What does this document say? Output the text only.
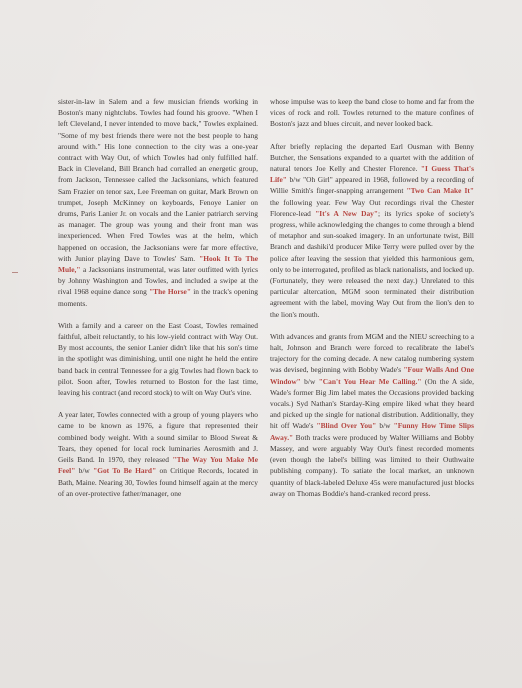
sister-in-law in Salem and a few musician friends working in Boston's many nightclubs. Towles had found his groove. "When I left Cleveland, I never intended to move back," Towles explained. "Some of my best friends there were not the best people to hang around with." His lone connection to the city was a one-year contract with Way Out, of which Towles had only fulfilled half. Back in Cleveland, Bill Branch had corralled an energetic group, from Jackson, Tennessee called the Jacksonians, which featured Sam Frazier on tenor sax, Lee Freeman on guitar, Mark Brown on trumpet, Joseph McKinney on keyboards, Fenoye Lanier on drums, Paris Lanier Jr. on vocals and the Lanier patriarch serving as manager. The group was young and their front man was inexperienced. When Fred Towles was at the helm, which happened on occasion, the Jacksonians were far more effective, with Junior playing Dave to Towles' Sam. "Hook It To The Mule," a Jacksonians instrumental, was later outfitted with lyrics by Johnny Washington and Towles, and included a swipe at the rival 1968 equine dance song "The Horse" in the track's opening moments.

With a family and a career on the East Coast, Towles remained faithful, albeit reluctantly, to his low-yield contract with Way Out. By most accounts, the senior Lanier didn't like that his son's time in the spotlight was diminishing, until one night he held the entire band back in central Tennessee for a gig Towles had flown back to pilot. Soon after, Towles returned to Boston for the last time, leaving his contract (and record stock) to wilt on Way Out's vine.

A year later, Towles connected with a group of young players who came to be known as 1976, a figure that represented their combined body weight. With a sound similar to Blood Sweat & Tears, they opened for local rock luminaries Aerosmith and J. Geils Band. In 1970, they released "The Way You Make Me Feel" b/w "Got To Be Hard" on Critique Records, located in Bath, Maine. Nearing 30, Towles found himself again at the mercy of an over-protective father/manager, one

whose impulse was to keep the band close to home and far from the vices of rock and roll. Towles returned to the mature confines of Boston's jazz and blues circuit, and never looked back.

After briefly replacing the departed Earl Ousman with Benny Butcher, the Sensations expanded to a quartet with the addition of natural tenors Joe Kelly and Chester Florence. "I Guess That's Life" b/w "Oh Girl" appeared in 1968, followed by a recording of Willie Smith's finger-snapping arrangement "Two Can Make It" the following year. Few Way Out recordings rival the Chester Florence-lead "It's A New Day"; its lyrics spoke of society's progress, while acknowledging the changes to come through a blend of metaphor and sun-soaked imagery. In an unfortunate twist, Bill Branch and dashiki'd producer Mike Terry were pulled over by the police after leaving the session that yielded this harmonious gem, only to be interrogated, profiled as black nationalists, and locked up. (Fortunately, they were released the next day.) Unrelated to this particular altercation, MGM soon terminated their distribution agreement with the label, moving Way Out from the lion's den to the lion's mouth.

With advances and grants from MGM and the NIEU screeching to a halt, Johnson and Branch were forced to recalibrate the label's trajectory for the coming decade. A new catalog numbering system was devised, beginning with Bobby Wade's "Four Walls And One Window" b/w "Can't You Hear Me Calling." (On the A side, Wade's former Big Jim label mates the Occasions provided backing vocals.) Syd Nathan's Starday-King empire liked what they heard and picked up the single for national distribution. Additionally, they hit off Wade's "Blind Over You" b/w "Funny How Time Slips Away." Both tracks were produced by Walter Williams and Bobby Massey, and were arguably Way Out's finest recorded moments (even though the label's billing was limited to their Outhwaite publishing company). To satiate the local market, an unknown quantity of black-labeled Deluxe 45s were manufactured just blocks away on Thomas Boddie's hand-cranked record press.
